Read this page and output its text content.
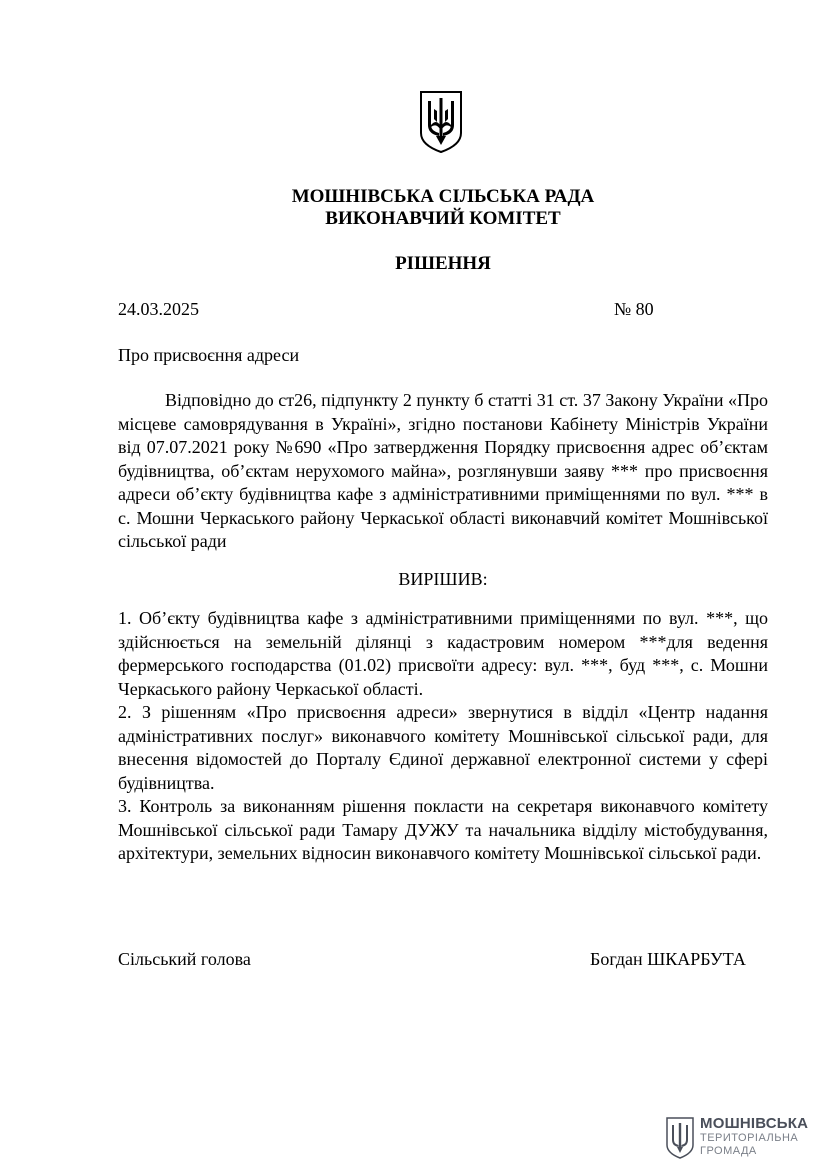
МОШНІВСЬКА СІЛЬСЬКА РАДА
ВИКОНАВЧИЙ КОМІТЕТ
РІШЕННЯ
24.03.2025	№ 80
Про присвоєння адреси

Відповідно до ст26, підпункту 2 пункту б статті 31 ст. 37 Закону України «Про місцеве самоврядування в Україні», згідно постанови Кабінету Міністрів України від 07.07.2021 року №690 «Про затвердження Порядку присвоєння адрес об’єктам будівництва, об’єктам нерухомого майна», розглянувши заяву *** про присвоєння адреси об’єкту будівництва кафе з адміністративними приміщеннями по вул. *** в с. Мошни Черкаського району Черкаської області виконавчий комітет Мошнівської сільської ради

ВИРІШИВ:

1. Об’єкту будівництва кафе з адміністративними приміщеннями по вул. ***, що здійснюється на земельній ділянці з кадастровим номером ***для ведення фермерського господарства (01.02) присвоїти адресу: вул. ***, буд ***, с. Мошни Черкаського району Черкаської області.

2. З рішенням «Про присвоєння адреси» звернутися в відділ «Центр надання адміністративних послуг» виконавчого комітету Мошнівської сільської ради, для внесення відомостей до Порталу Єдиної державної електронної системи у сфері будівництва.

3. Контроль за виконанням рішення покласти на секретаря виконавчого комітету Мошнівської сільської ради Тамару ДУЖУ та начальника відділу містобудування, архітектури, земельних відносин виконавчого комітету Мошнівської сільської ради.

Сільський голова	Богдан ШКАРБУТА
МОШНІВСЬКА
ТЕРИТОРІАЛЬНА
ГРОМАДА
